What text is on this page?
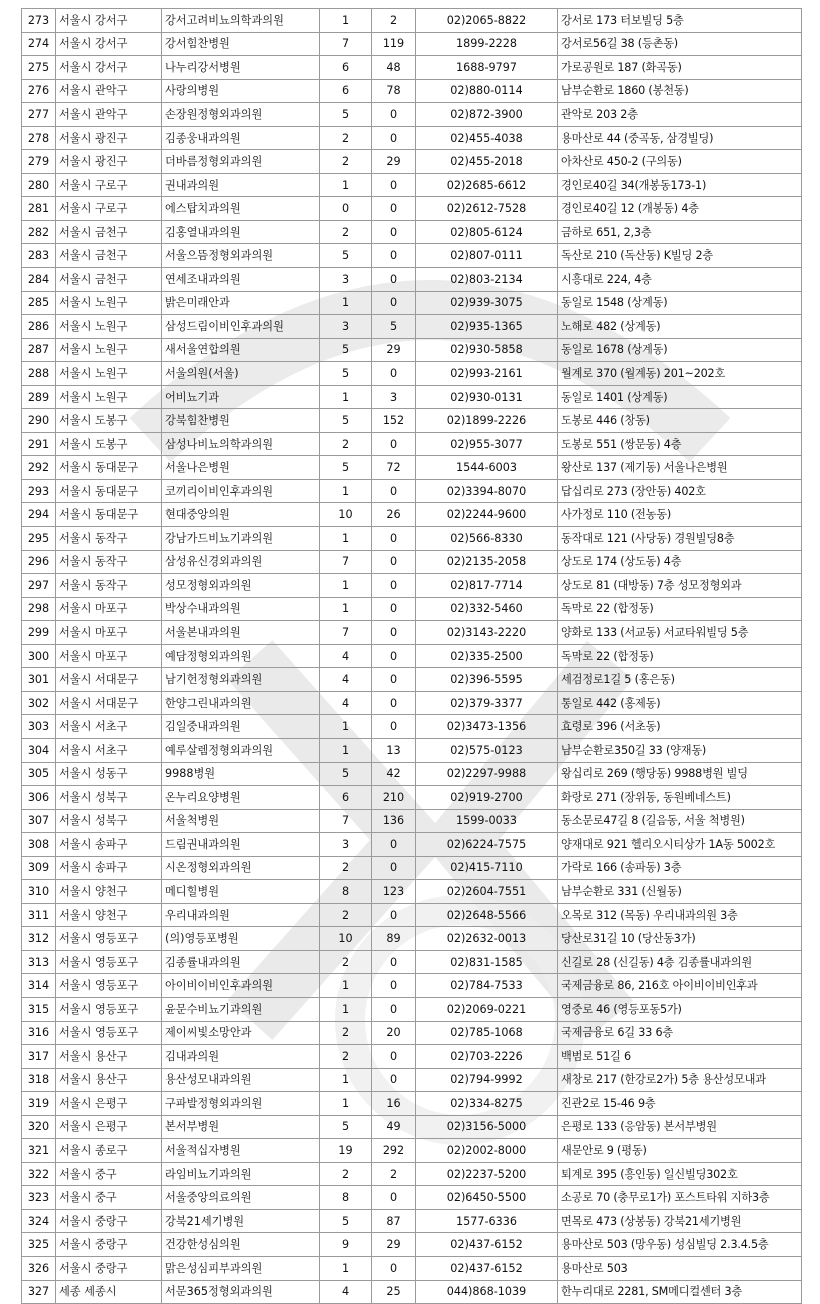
273	서울시 강서구	강서고려비뇨의학과의원	1	2	02)2065-8822	강서로 173 터보빌딩 5층
274	서울시 강서구	강서힘찬병원	7	119	1899-2228	강서로56길 38 (등촌동)
275	서울시 강서구	나누리강서병원	6	48	1688-9797	가로공원로 187 (화곡동)
276	서울시 관악구	사랑의병원	6	78	02)880-0114	남부순환로 1860 (봉천동)
277	서울시 관악구	손장원정형외과의원	5	0	02)872-3900	관악로 203 2층
278	서울시 광진구	김종웅내과의원	2	0	02)455-4038	용마산로 44 (중곡동, 삼경빌딩)
279	서울시 광진구	더바름정형외과의원	2	29	02)455-2018	아차산로 450-2 (구의동)
280	서울시 구로구	권내과의원	1	0	02)2685-6612	경인로40길 34(개봉동173-1)
281	서울시 구로구	에스탑치과의원	0	0	02)2612-7528	경인로40길 12 (개봉동) 4층
282	서울시 금천구	김홍열내과의원	2	0	02)805-6124	금하로 651, 2,3층
283	서울시 금천구	서울으뜸정형외과의원	5	0	02)807-0111	독산로 210 (독산동) K빌딩 2층
284	서울시 금천구	연세조내과의원	3	0	02)803-2134	시흥대로 224, 4층
285	서울시 노원구	밝은미래안과	1	0	02)939-3075	동일로 1548 (상계동)
286	서울시 노원구	삼성드림이비인후과의원	3	5	02)935-1365	노해로 482 (상계동)
287	서울시 노원구	새서울연합의원	5	29	02)930-5858	동일로 1678 (상계동)
288	서울시 노원구	서울의원(서울)	5	0	02)993-2161	월계로 370 (월계동) 201~202호
289	서울시 노원구	어비뇨기과	1	3	02)930-0131	동일로 1401 (상계동)
290	서울시 도봉구	강북힘찬병원	5	152	02)1899-2226	도봉로 446 (창동)
291	서울시 도봉구	삼성나비뇨의학과의원	2	0	02)955-3077	도봉로 551 (쌍문동) 4층
292	서울시 동대문구	서울나은병원	5	72	1544-6003	왕산로 137 (제기동) 서울나은병원
293	서울시 동대문구	코끼리이비인후과의원	1	0	02)3394-8070	답십리로 273 (장안동) 402호
294	서울시 동대문구	현대중앙의원	10	26	02)2244-9600	사가정로 110 (전농동)
295	서울시 동작구	강남가드비뇨기과의원	1	0	02)566-8330	동작대로 121 (사당동) 경원빌딩8층
296	서울시 동작구	삼성유신경외과의원	7	0	02)2135-2058	상도로 174 (상도동) 4층
297	서울시 동작구	성모정형외과의원	1	0	02)817-7714	상도로 81 (대방동) 7층 성모정형외과
298	서울시 마포구	박상수내과의원	1	0	02)332-5460	독막로 22 (합정동)
299	서울시 마포구	서울본내과의원	7	0	02)3143-2220	양화로 133 (서교동) 서교타워빌딩 5층
300	서울시 마포구	예담정형외과의원	4	0	02)335-2500	독막로 22 (합정동)
301	서울시 서대문구	남기헌정형외과의원	4	0	02)396-5595	세검정로1길 5 (홍은동)
302	서울시 서대문구	한양그린내과의원	4	0	02)379-3377	통일로 442 (홍제동)
303	서울시 서초구	김일중내과의원	1	0	02)3473-1356	효령로 396 (서초동)
304	서울시 서초구	예루살렘정형외과의원	1	13	02)575-0123	남부순환로350길 33 (양재동)
305	서울시 성동구	9988병원	5	42	02)2297-9988	왕십리로 269 (행당동) 9988병원 빌딩
306	서울시 성북구	온누리요양병원	6	210	02)919-2700	화랑로 271 (장위동, 동원베네스트)
307	서울시 성북구	서울척병원	7	136	1599-0033	동소문로47길 8 (길음동, 서울 척병원)
308	서울시 송파구	드림권내과의원	3	0	02)6224-7575	양재대로 921 헬리오시티상가 1A동 5002호
309	서울시 송파구	시온정형외과의원	2	0	02)415-7110	가락로 166 (송파동) 3층
310	서울시 양천구	메디힐병원	8	123	02)2604-7551	남부순환로 331 (신월동)
311	서울시 양천구	우리내과의원	2	0	02)2648-5566	오목로 312 (목동) 우리내과의원 3층
312	서울시 영등포구	(의)영등포병원	10	89	02)2632-0013	당산로31길 10 (당산동3가)
313	서울시 영등포구	김종률내과의원	2	0	02)831-1585	신길로 28 (신길동) 4층 김종률내과의원
314	서울시 영등포구	아이비이비인후과의원	1	0	02)784-7533	국제금융로 86, 216호 아이비이비인후과
315	서울시 영등포구	윤문수비뇨기과의원	1	0	02)2069-0221	영중로 46 (영등포동5가)
316	서울시 영등포구	제이씨빛소망안과	2	20	02)785-1068	국제금융로 6길 33 6층
317	서울시 용산구	김내과의원	2	0	02)703-2226	백범로 51길 6
318	서울시 용산구	용산성모내과의원	1	0	02)794-9992	새창로 217 (한강로2가) 5층 용산성모내과
319	서울시 은평구	구파발정형외과의원	1	16	02)334-8275	진관2로 15-46 9층
320	서울시 은평구	본서부병원	5	49	02)3156-5000	은평로 133 (응암동) 본서부병원
321	서울시 종로구	서울적십자병원	19	292	02)2002-8000	새문안로 9 (평동)
322	서울시 중구	라임비뇨기과의원	2	2	02)2237-5200	퇴계로 395 (흥인동) 일신빌딩302호
323	서울시 중구	서울중앙의료의원	8	0	02)6450-5500	소공로 70 (충무로1가) 포스트타워 지하3층
324	서울시 중랑구	강북21세기병원	5	87	1577-6336	면목로 473 (상봉동) 강북21세기병원
325	서울시 중랑구	건강한성심의원	9	29	02)437-6152	용마산로 503 (망우동) 성심빌딩 2.3.4.5층
326	서울시 중랑구	맑은성심피부과의원	1	0	02)437-6152	용마산로 503
327	세종 세종시	서문365정형외과의원	4	25	044)868-1039	한누리대로 2281, SM메디컬센터 3층
